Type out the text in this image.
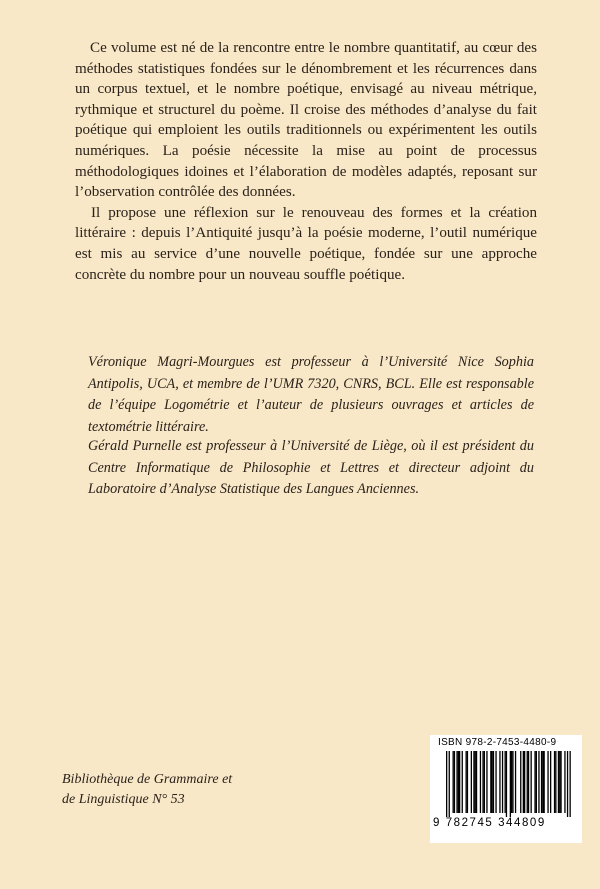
Ce volume est né de la rencontre entre le nombre quantitatif, au cœur des méthodes statistiques fondées sur le dénombrement et les récurrences dans un corpus textuel, et le nombre poétique, envisagé au niveau métrique, rythmique et structurel du poème. Il croise des méthodes d’analyse du fait poétique qui emploient les outils traditionnels ou expérimentent les outils numériques. La poésie nécessite la mise au point de processus méthodologiques idoines et l’élaboration de modèles adaptés, reposant sur l’observation contrôlée des données.

Il propose une réflexion sur le renouveau des formes et la création littéraire : depuis l’Antiquité jusqu’à la poésie moderne, l’outil numérique est mis au service d’une nouvelle poétique, fondée sur une approche concrète du nombre pour un nouveau souffle poétique.

Véronique Magri-Mourgues est professeur à l’Université Nice Sophia Antipolis, UCA, et membre de l’UMR 7320, CNRS, BCL. Elle est responsable de l’équipe Logométrie et l’auteur de plusieurs ouvrages et articles de textométrie littéraire.
Gérald Purnelle est professeur à l’Université de Liège, où il est président du Centre Informatique de Philosophie et Lettres et directeur adjoint du Laboratoire d’Analyse Statistique des Langues Anciennes.
Bibliothèque de Grammaire et
de Linguistique N° 53
ISBN 978-2-7453-4480-9
9 782745 344809
